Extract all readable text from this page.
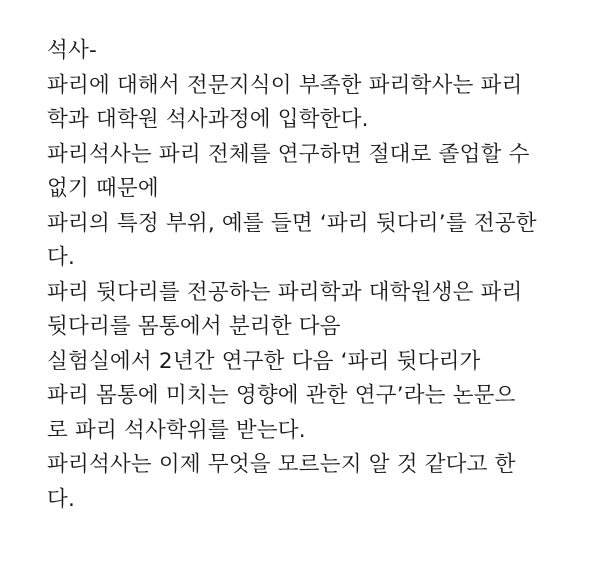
석사-
파리에 대해서 전문지식이 부족한 파리학사는 파리
학과 대학원 석사과정에 입학한다.
파리석사는 파리 전체를 연구하면 절대로 졸업할 수
없기 때문에
파리의 특정 부위, 예를 들면 ‘파리 뒷다리’를 전공한
다.
파리 뒷다리를 전공하는 파리학과 대학원생은 파리
뒷다리를 몸통에서 분리한 다음
실험실에서 2년간 연구한 다음 ‘파리 뒷다리가
파리 몸통에 미치는 영향에 관한 연구’라는 논문으
로 파리 석사학위를 받는다.
파리석사는 이제 무엇을 모르는지 알 것 같다고 한
다.
